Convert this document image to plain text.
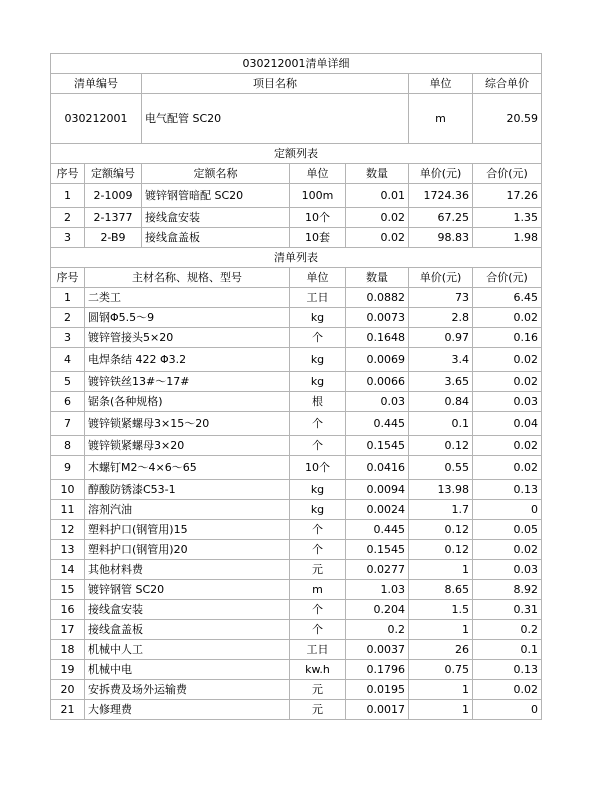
030212001清单详细						
清单编号		项目名称			单位	综合单价
030212001		电气配管 SC20			m	20.59
定额列表						
序号	定额编号	定额名称	单位	数量	单价(元)	合价(元)
1	2-1009	镀锌钢管暗配 SC20	100m	0.01	1724.36	17.26
2	2-1377	接线盒安装	10个	0.02	67.25	1.35
3	2-B9	接线盒盖板	10套	0.02	98.83	1.98
清单列表						
序号	主材名称、规格、型号		单位	数量	单价(元)	合价(元)
1	二类工		工日	0.0882	73	6.45
2	圆钢Φ5.5～9		kg	0.0073	2.8	0.02
3	镀锌管接头5×20		个	0.1648	0.97	0.16
4	电焊条结 422 Φ3.2		kg	0.0069	3.4	0.02
5	镀锌铁丝13#～17#		kg	0.0066	3.65	0.02
6	锯条(各种规格)		根	0.03	0.84	0.03
7	镀锌锁紧螺母3×15～20		个	0.445	0.1	0.04
8	镀锌锁紧螺母3×20		个	0.1545	0.12	0.02
9	木螺钉M2～4×6～65		10个	0.0416	0.55	0.02
10	醇酸防锈漆C53-1		kg	0.0094	13.98	0.13
11	溶剂汽油		kg	0.0024	1.7	0
12	塑料护口(钢管用)15		个	0.445	0.12	0.05
13	塑料护口(钢管用)20		个	0.1545	0.12	0.02
14	其他材料费		元	0.0277	1	0.03
15	镀锌钢管 SC20		m	1.03	8.65	8.92
16	接线盒安装		个	0.204	1.5	0.31
17	接线盒盖板		个	0.2	1	0.2
18	机械中人工		工日	0.0037	26	0.1
19	机械中电		kw.h	0.1796	0.75	0.13
20	安拆费及场外运输费		元	0.0195	1	0.02
21	大修理费		元	0.0017	1	0
